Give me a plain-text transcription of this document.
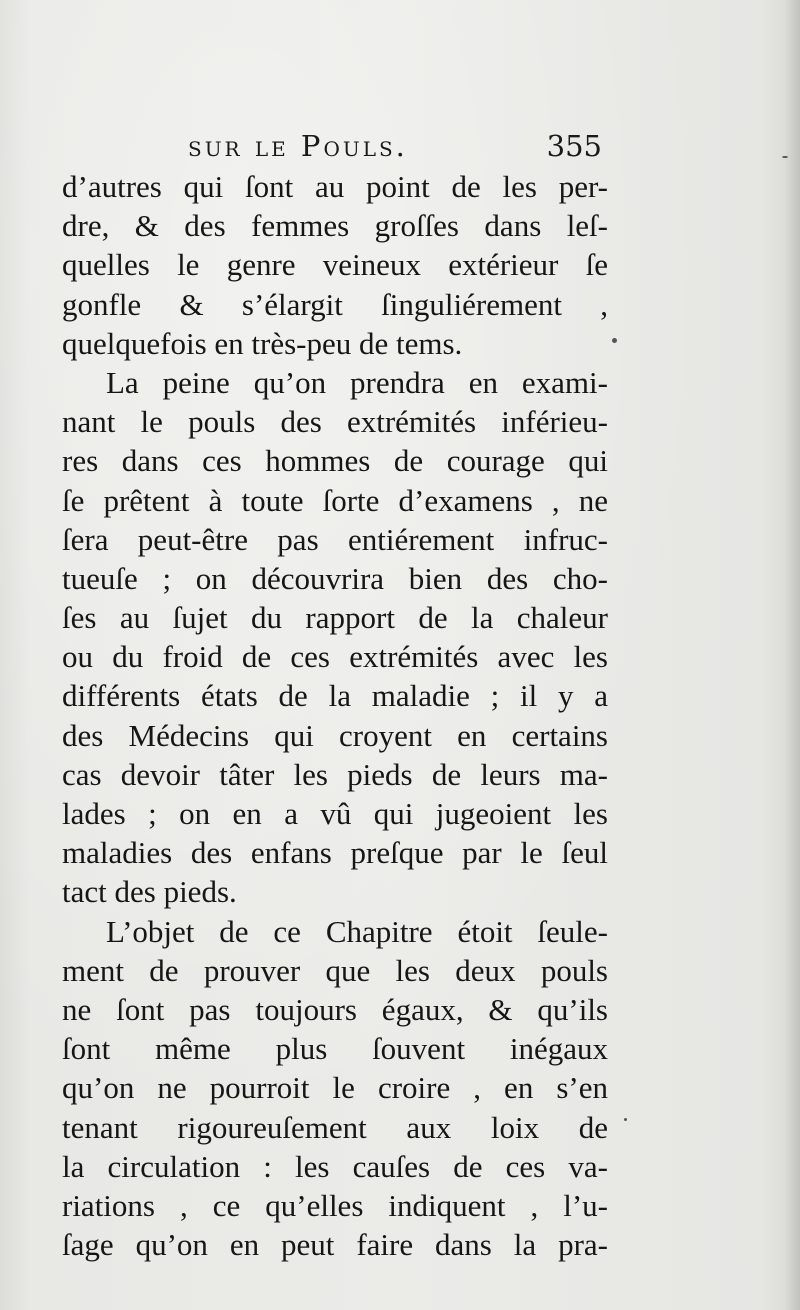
sur le Pouls.	355
d’autres qui ſont au point de les per-
dre, & des femmes groſſes dans leſ-
quelles le genre veineux extérieur ſe
gonfle & s’élargit ſinguliérement ,
quelquefois en très-peu de tems.
La peine qu’on prendra en exami-
nant le pouls des extrémités inférieu-
res dans ces hommes de courage qui
ſe prêtent à toute ſorte d’examens , ne
ſera peut-être pas entiérement infruc-
tueuſe ; on découvrira bien des cho-
ſes au ſujet du rapport de la chaleur
ou du froid de ces extrémités avec les
différents états de la maladie ; il y a
des Médecins qui croyent en certains
cas devoir tâter les pieds de leurs ma-
lades ; on en a vû qui jugeoient les
maladies des enfans preſque par le ſeul
tact des pieds.
L’objet de ce Chapitre étoit ſeule-
ment de prouver que les deux pouls
ne ſont pas toujours égaux, & qu’ils
ſont même plus ſouvent inégaux
qu’on ne pourroit le croire , en s’en
tenant rigoureuſement aux loix de
la circulation : les cauſes de ces va-
riations , ce qu’elles indiquent , l’u-
ſage qu’on en peut faire dans la pra-
